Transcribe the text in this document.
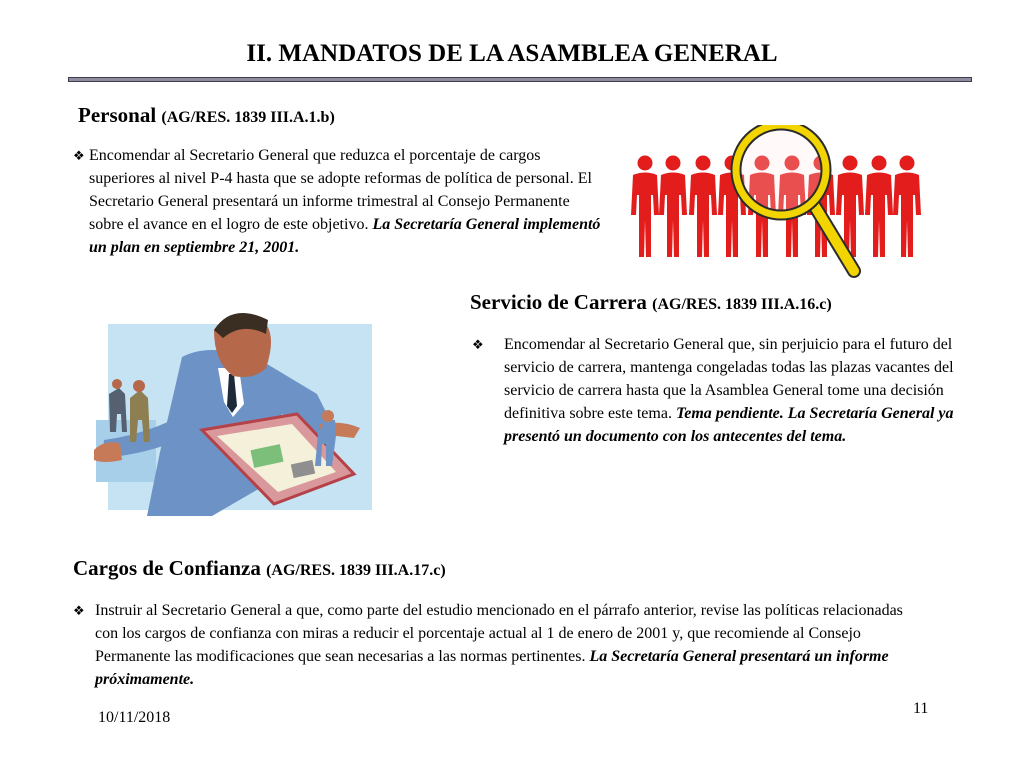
II. MANDATOS DE LA ASAMBLEA GENERAL
Personal (AG/RES. 1839 III.A.1.b)
❖ Encomendar al Secretario General que reduzca el porcentaje de cargos superiores al nivel P-4 hasta que se adopte reformas de política de personal. El Secretario General presentará un informe trimestral al Consejo Permanente sobre el avance en el logro de este objetivo. La Secretaría General implementó un plan en septiembre 21, 2001.
Servicio de Carrera (AG/RES. 1839 III.A.16.c)
❖	Encomendar al Secretario General que, sin perjuicio para el futuro del servicio de carrera, mantenga congeladas todas las plazas vacantes del servicio de carrera hasta que la Asamblea General tome una decisión definitiva sobre este tema. Tema pendiente. La Secretaría General ya presentó un documento con los antecentes del tema.
Cargos de Confianza (AG/RES. 1839 III.A.17.c)
❖ Instruir al Secretario General a que, como parte del estudio mencionado en el párrafo anterior, revise las políticas relacionadas con los cargos de confianza con miras a reducir el porcentaje actual al 1 de enero de 2001 y, que recomiende al Consejo Permanente las modificaciones que sean necesarias a las normas pertinentes. La Secretaría General presentará un informe próximamente.
10/11/2018
11
